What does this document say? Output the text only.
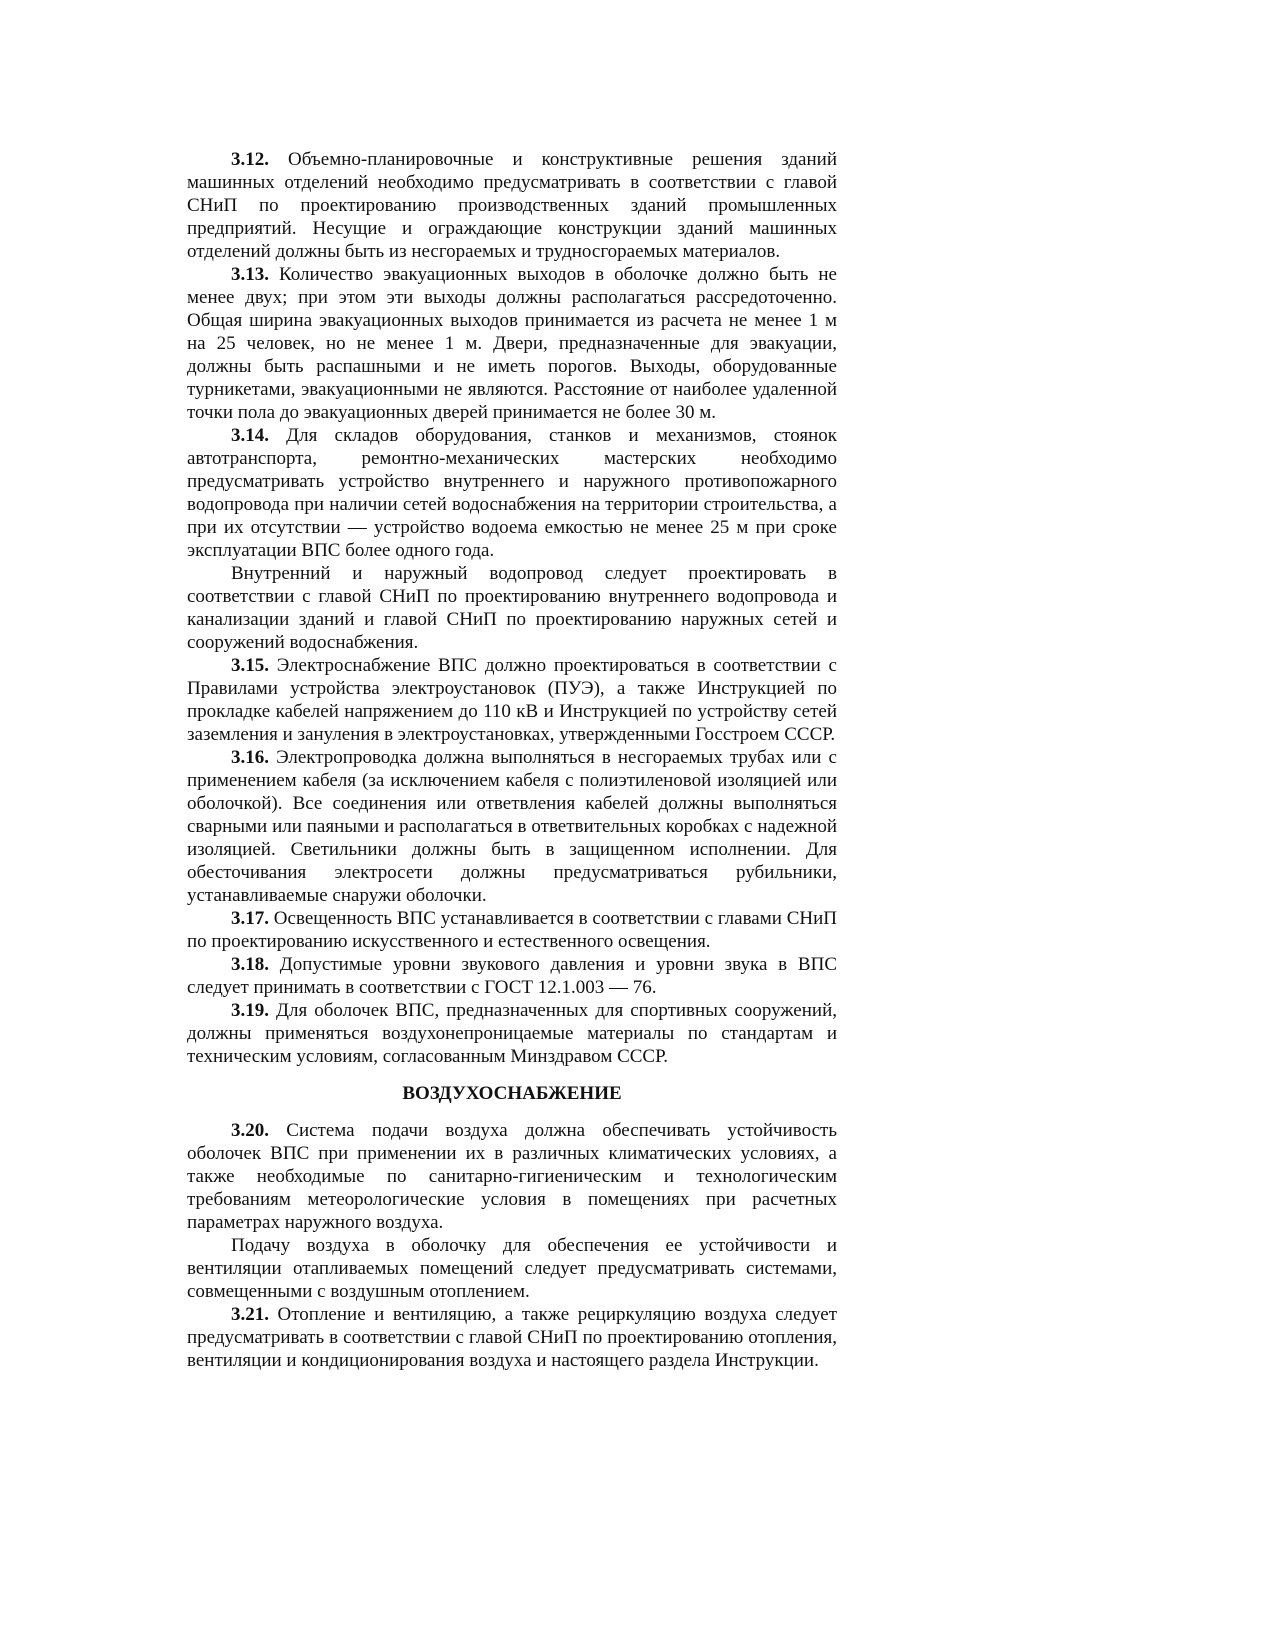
3.12. Объемно-планировочные и конструктивные решения зданий машинных отделений необходимо предусматривать в соответствии с главой СНиП по проектированию производственных зданий промышленных предприятий. Несущие и ограждающие конструкции зданий машинных отделений должны быть из несгораемых и трудносгораемых материалов.

3.13. Количество эвакуационных выходов в оболочке должно быть не менее двух; при этом эти выходы должны располагаться рассредоточенно. Общая ширина эвакуационных выходов принимается из расчета не менее 1 м на 25 человек, но не менее 1 м. Двери, предназначенные для эвакуации, должны быть распашными и не иметь порогов. Выходы, оборудованные турникетами, эвакуационными не являются. Расстояние от наиболее удаленной точки пола до эвакуационных дверей принимается не более 30 м.

3.14. Для складов оборудования, станков и механизмов, стоянок автотранспорта, ремонтно-механических мастерских необходимо предусматривать устройство внутреннего и наружного противопожарного водопровода при наличии сетей водоснабжения на территории строительства, а при их отсутствии — устройство водоема емкостью не менее 25 м при сроке эксплуатации ВПС более одного года.

Внутренний и наружный водопровод следует проектировать в соответствии с главой СНиП по проектированию внутреннего водопровода и канализации зданий и главой СНиП по проектированию наружных сетей и сооружений водоснабжения.

3.15. Электроснабжение ВПС должно проектироваться в соответствии с Правилами устройства электроустановок (ПУЭ), а также Инструкцией по прокладке кабелей напряжением до 110 кВ и Инструкцией по устройству сетей заземления и зануления в электроустановках, утвержденными Госстроем СССР.

3.16. Электропроводка должна выполняться в несгораемых трубах или с применением кабеля (за исключением кабеля с полиэтиленовой изоляцией или оболочкой). Все соединения или ответвления кабелей должны выполняться сварными или паяными и располагаться в ответвительных коробках с надежной изоляцией. Светильники должны быть в защищенном исполнении. Для обесточивания электросети должны предусматриваться рубильники, устанавливаемые снаружи оболочки.

3.17. Освещенность ВПС устанавливается в соответствии с главами СНиП по проектированию искусственного и естественного освещения.

3.18. Допустимые уровни звукового давления и уровни звука в ВПС следует принимать в соответствии с ГОСТ 12.1.003 — 76.

3.19. Для оболочек ВПС, предназначенных для спортивных сооружений, должны применяться воздухонепроницаемые материалы по стандартам и техническим условиям, согласованным Минздравом СССР.

ВОЗДУХОСНАБЖЕНИЕ

3.20. Система подачи воздуха должна обеспечивать устойчивость оболочек ВПС при применении их в различных климатических условиях, а также необходимые по санитарно-гигиеническим и технологическим требованиям метеорологические условия в помещениях при расчетных параметрах наружного воздуха.

Подачу воздуха в оболочку для обеспечения ее устойчивости и вентиляции отапливаемых помещений следует предусматривать системами, совмещенными с воздушным отоплением.

3.21. Отопление и вентиляцию, а также рециркуляцию воздуха следует предусматривать в соответствии с главой СНиП по проектированию отопления, вентиляции и кондиционирования воздуха и настоящего раздела Инструкции.
